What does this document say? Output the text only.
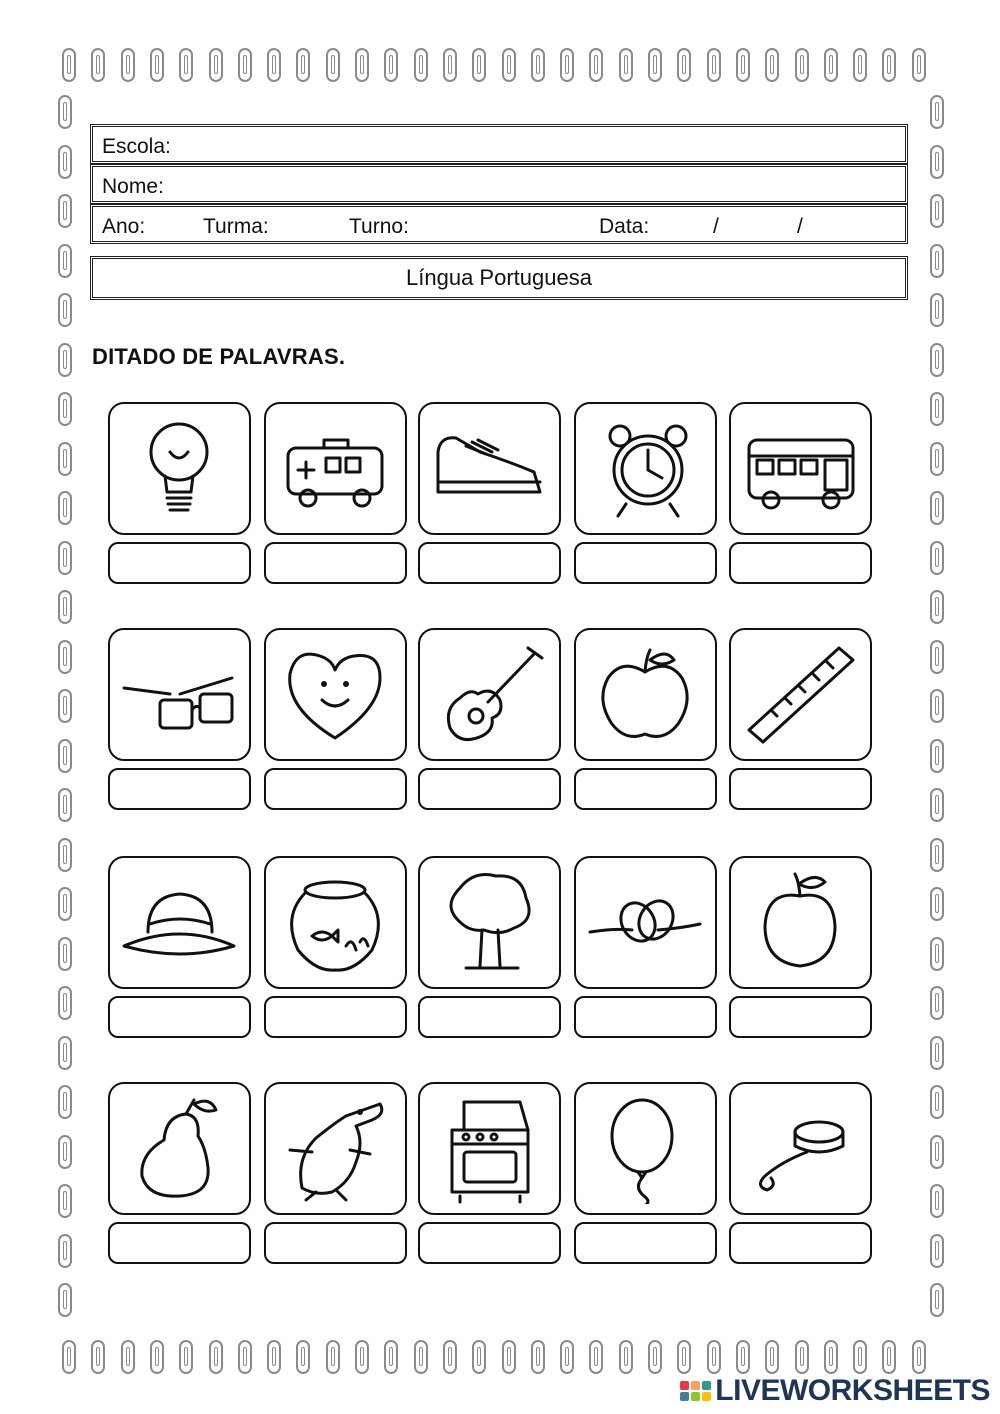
Escola:
Nome:
Ano:	Turma:	Turno:	Data:	/	/
Língua Portuguesa
DITADO DE PALAVRAS.
LIVEWORKSHEETS
